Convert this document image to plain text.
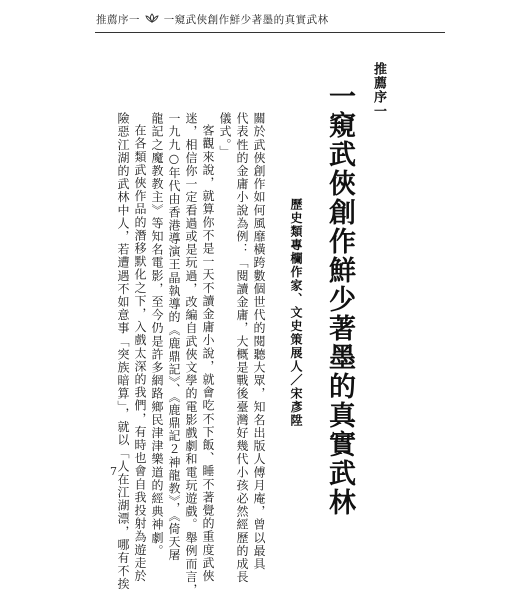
推薦序一 一窺武俠創作鮮少著墨的真實武林
推薦序一
一窺武俠創作鮮少著墨的真實武林
歷史類專欄作家、文史策展人／宋彥陞
關於武俠創作如何風靡橫跨數個世代的閱聽大眾，知名出版人傅月庵，曾以最具
代表性的金庸小說為例：「閱讀金庸，大概是戰後臺灣好幾代小孩必然經歷的成長
儀式。」
客觀來說，就算你不是一天不讀金庸小說，就會吃不下飯、睡不著覺的重度武俠
迷，相信你一定看過或是玩過，改編自武俠文學的電影戲劇和電玩遊戲。舉例而言，
一九九○年代由香港導演王晶執導的《鹿鼎記》、《鹿鼎記２神龍教》，《倚天屠
龍記之魔教教主》等知名電影，至今仍是許多網路鄉民津津樂道的經典神劇。
在各類武俠作品的潛移默化之下，入戲太深的我們，有時也會自我投射為遊走於
險惡江湖的武林中人，若遭遇不如意事「突族暗算」，就以「人在江湖漂，哪有不挨
7
